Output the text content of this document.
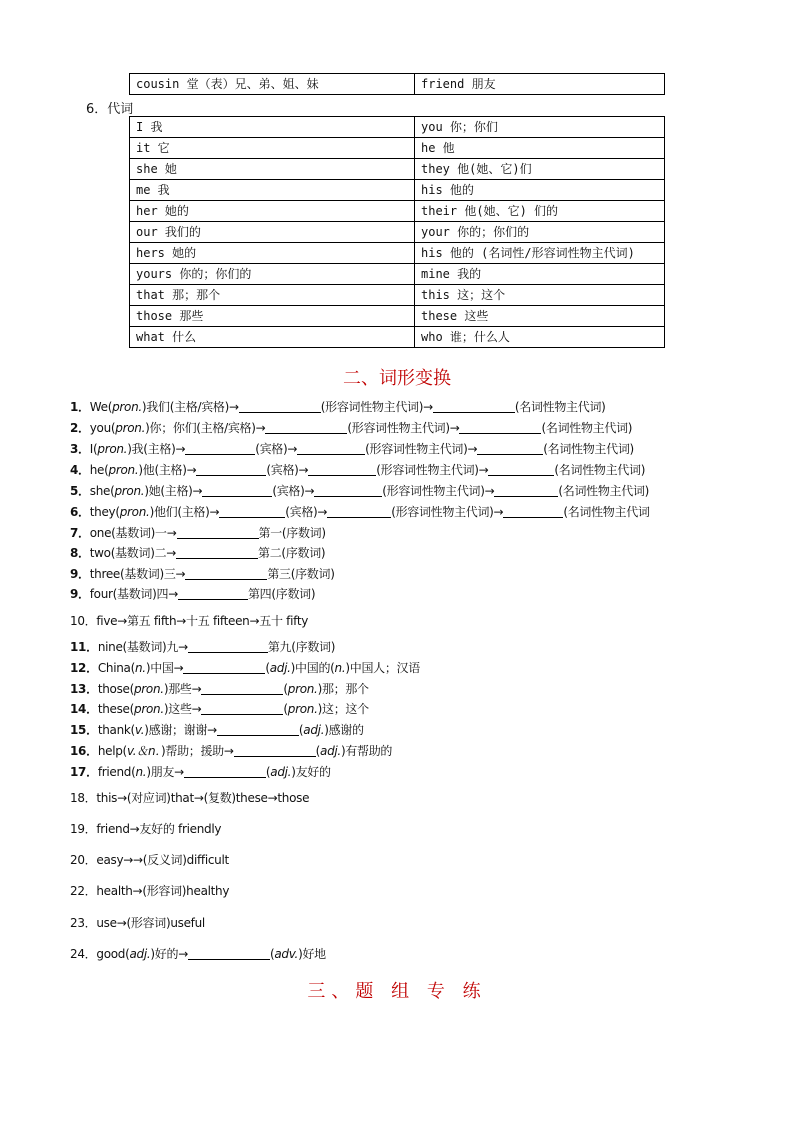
cousin 堂（表）兄、弟、姐、妹	friend 朋友
6．代词
I 我	you 你；你们
it 它	he 他
she 她	they 他(她、它)们
me 我	his 他的
her 她的	their 他(她、它) 们的
our 我们的	your 你的；你们的
hers 她的	his 他的 (名词性/形容词性物主代词)
yours 你的；你们的	mine 我的
that 那；那个	this 这；这个
those 那些	these 这些
what 什么	who 谁；什么人
二、词形变换
1．We(pron.)我们(主格/宾格)→	(形容词性物主代词)→	(名词性物主代词)
2．you(pron.)你；你们(主格/宾格)→	(形容词性物主代词)→	(名词性物主代词)
3．I(pron.)我(主格)→	(宾格)→	(形容词性物主代词)→	(名词性物主代词)
4．he(pron.)他(主格)→	(宾格)→	(形容词性物主代词)→	(名词性物主代词)
5．she(pron.)她(主格)→	(宾格)→	(形容词性物主代词)→	(名词性物主代词)
6．they(pron.)他们(主格)→	(宾格)→	(形容词性物主代词)→	(名词性物主代词
7．one(基数词)一→	第一(序数词)
8．two(基数词)二→	第二(序数词)
9．three(基数词)三→	第三(序数词)
9．four(基数词)四→	第四(序数词)
10．five→第五 fifth→十五 fifteen→五十 fifty
11．nine(基数词)九→	第九(序数词)
12．China(n.)中国→	(adj.)中国的(n.)中国人；汉语
13．those(pron.)那些→	(pron.)那；那个
14．these(pron.)这些→	(pron.)这；这个
15．thank(v.)感谢；谢谢→	(adj.)感谢的
16．help(v.＆n．)帮助；援助→	(adj.)有帮助的
17．friend(n.)朋友→	(adj.)友好的
18．this→(对应词)that→(复数)these→those
19．friend→友好的 friendly
20．easy→→(反义词)difficult
22．health→(形容词)healthy
23．use→(形容词)useful
24．good(adj.)好的→	(adv.)好地
三、题 组 专 练
